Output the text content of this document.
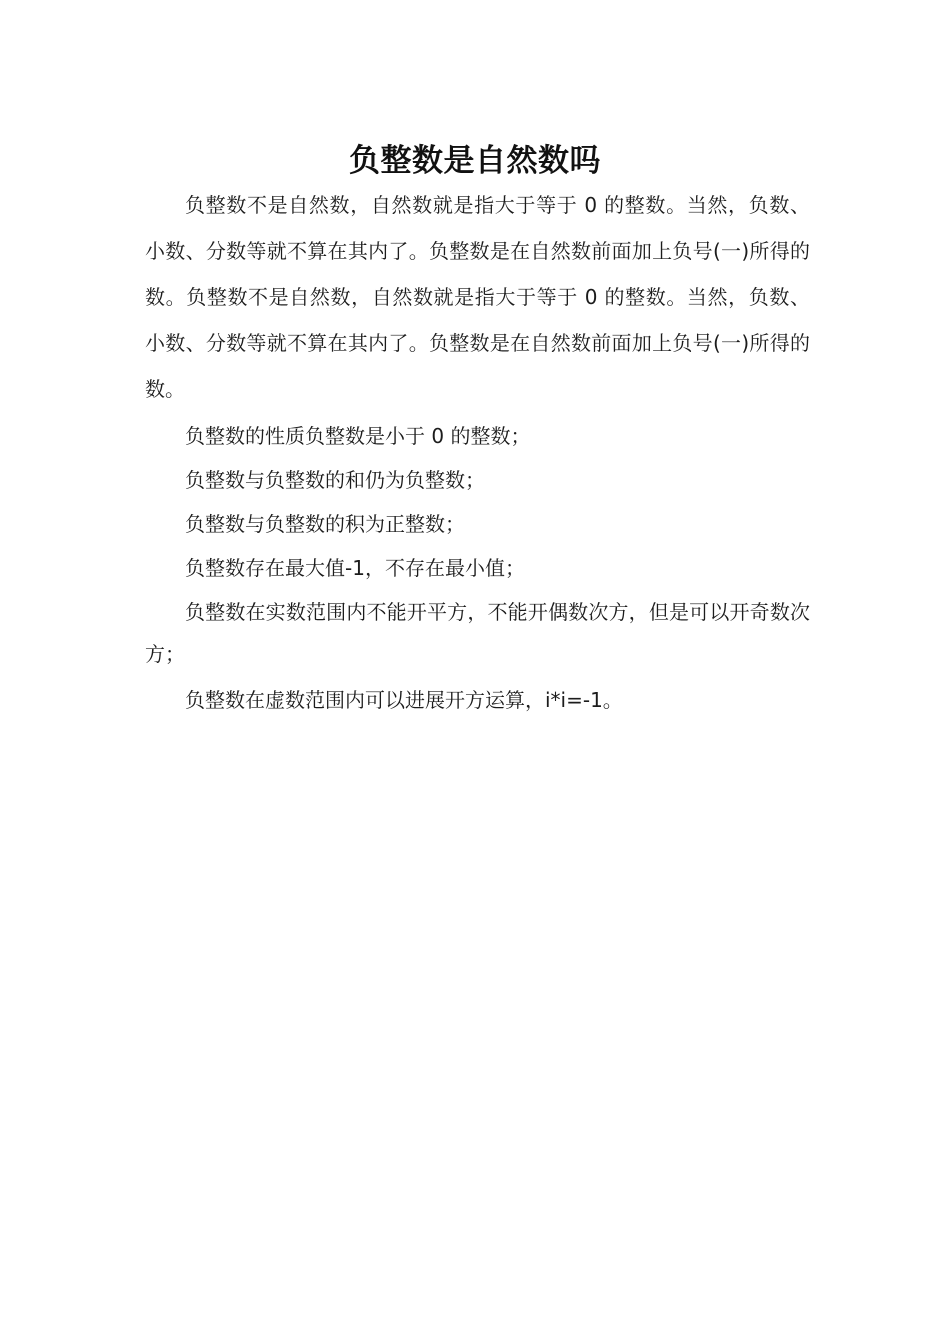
负整数是自然数吗

负整数不是自然数，自然数就是指大于等于 0 的整数。当然，负数、小数、分数等就不算在其内了。负整数是在自然数前面加上负号(一)所得的数。负整数不是自然数，自然数就是指大于等于 0 的整数。当然，负数、小数、分数等就不算在其内了。负整数是在自然数前面加上负号(一)所得的数。

负整数的性质负整数是小于 0 的整数；

负整数与负整数的和仍为负整数；

负整数与负整数的积为正整数；

负整数存在最大值-1，不存在最小值；

负整数在实数范围内不能开平方，不能开偶数次方，但是可以开奇数次方；

负整数在虚数范围内可以进展开方运算，i*i=-1。
